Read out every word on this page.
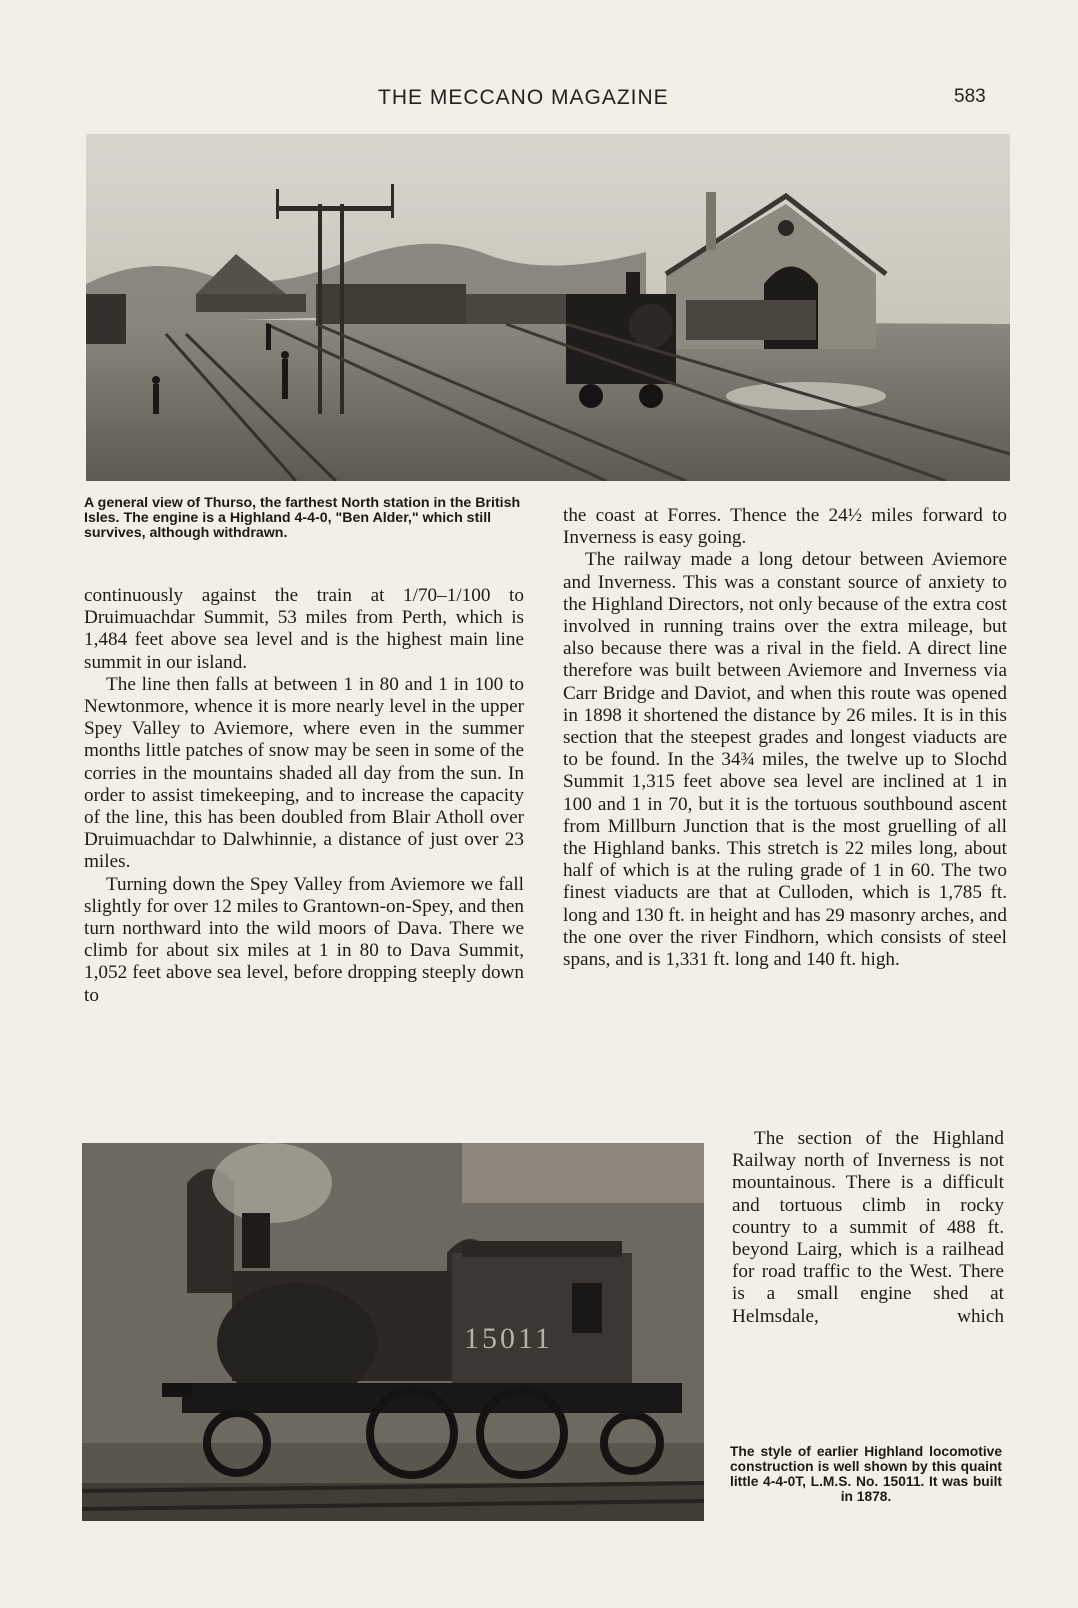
THE MECCANO MAGAZINE	583
A general view of Thurso, the farthest North station in the British Isles. The engine is a Highland 4-4-0, "Ben Alder," which still survives, although withdrawn.

continuously against the train at 1/70–1/100 to Druimuachdar Summit, 53 miles from Perth, which is 1,484 feet above sea level and is the highest main line summit in our island.

The line then falls at between 1 in 80 and 1 in 100 to Newtonmore, whence it is more nearly level in the upper Spey Valley to Aviemore, where even in the summer months little patches of snow may be seen in some of the corries in the mountains shaded all day from the sun. In order to assist timekeeping, and to increase the capacity of the line, this has been doubled from Blair Atholl over Druimuachdar to Dalwhinnie, a distance of just over 23 miles.

Turning down the Spey Valley from Aviemore we fall slightly for over 12 miles to Grantown-on-Spey, and then turn northward into the wild moors of Dava. There we climb for about six miles at 1 in 80 to Dava Summit, 1,052 feet above sea level, before dropping steeply down to

the coast at Forres. Thence the 24½ miles forward to Inverness is easy going.

The railway made a long detour between Aviemore and Inverness. This was a constant source of anxiety to the Highland Directors, not only because of the extra cost involved in running trains over the extra mileage, but also because there was a rival in the field. A direct line therefore was built between Aviemore and Inverness via Carr Bridge and Daviot, and when this route was opened in 1898 it shortened the distance by 26 miles. It is in this section that the steepest grades and longest viaducts are to be found. In the 34¾ miles, the twelve up to Slochd Summit 1,315 feet above sea level are inclined at 1 in 100 and 1 in 70, but it is the tortuous southbound ascent from Millburn Junction that is the most gruelling of all the Highland banks. This stretch is 22 miles long, about half of which is at the ruling grade of 1 in 60. The two finest viaducts are that at Culloden, which is 1,785 ft. long and 130 ft. in height and has 29 masonry arches, and the one over the river Findhorn, which consists of steel spans, and is 1,331 ft. long and 140 ft. high.

15011

The section of the Highland Railway north of Inverness is not mountainous. There is a difficult and tortuous climb in rocky country to a summit of 488 ft. beyond Lairg, which is a railhead for road traffic to the West. There is a small engine shed at Helmsdale, which

The style of earlier Highland locomotive construction is well shown by this quaint little 4-4-0T, L.M.S. No. 15011. It was built in 1878.
